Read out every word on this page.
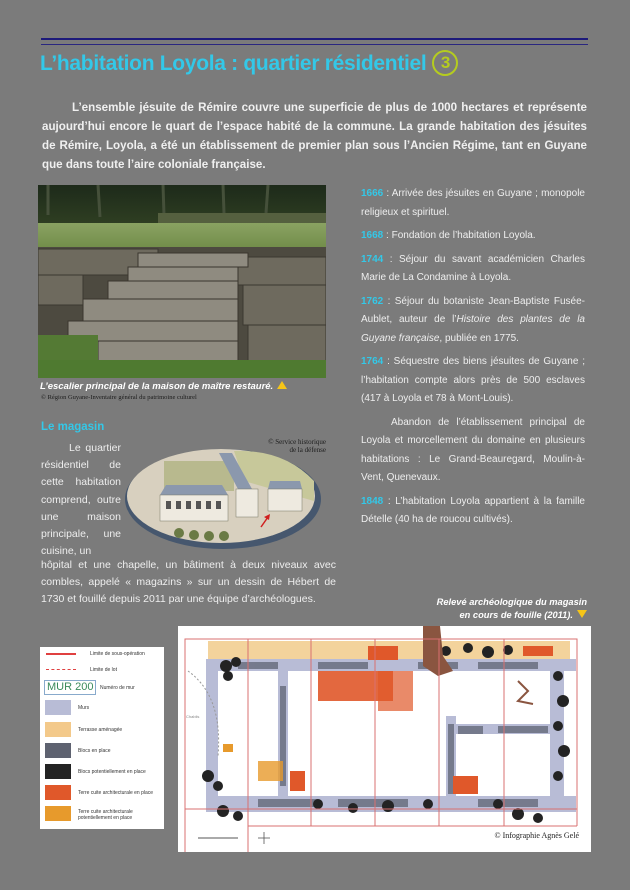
L’habitation Loyola : quartier résidentiel 3
L’ensemble jésuite de Rémire couvre une superficie de plus de 1000 hectares et représente aujourd’hui encore le quart de l’espace habité de la commune. La grande habitation des jésuites de Rémire, Loyola, a été un établissement de premier plan sous l’Ancien Régime, tant en Guyane que dans toute l’aire coloniale française.
L’escalier principal de la maison de maître restauré.
© Région Guyane-Inventaire général du patrimoine culturel

1666 : Arrivée des jésuites en Guyane ; monopole religieux et spirituel.

1668 : Fondation de l’habitation Loyola.

1744 : Séjour du savant académicien Charles Marie de La Condamine à Loyola.

1762 : Séjour du botaniste Jean-Baptiste Fusée-Aublet, auteur de l’Histoire des plantes de la Guyane française, publiée en 1775.

1764 : Séquestre des biens jésuites de Guyane ; l’habitation compte alors près de 500 esclaves (417 à Loyola et 78 à Mont-Louis).

Abandon de l’établissement principal de Loyola et morcellement du domaine en plusieurs habitations : Le Grand-Beauregard, Moulin-à-Vent, Quenevaux.

1848 : L’habitation Loyola appartient à la famille Dételle (40 ha de roucou cultivés).

Le magasin
Le quartier résidentiel de cette habitation comprend, outre une maison principale, une cuisine, un
hôpital et une chapelle, un bâtiment à deux niveaux avec combles, appelé « magazins » sur un dessin de Hébert de 1730 et fouillé depuis 2011 par une équipe d’archéologues.
© Service historique de la défense
Relevé archéologique du magasin
en cours de fouille (2011).
Limite de sous-opération
Limite de lot
MUR 200	Numéro de mur
Murs
Terrasse aménagée
Blocs en place
Blocs potentiellement en place
Terre cuite architecturale en place
Terre cuite architecturale potentiellement en place
Chablis
© Infographie Agnès Gelé
